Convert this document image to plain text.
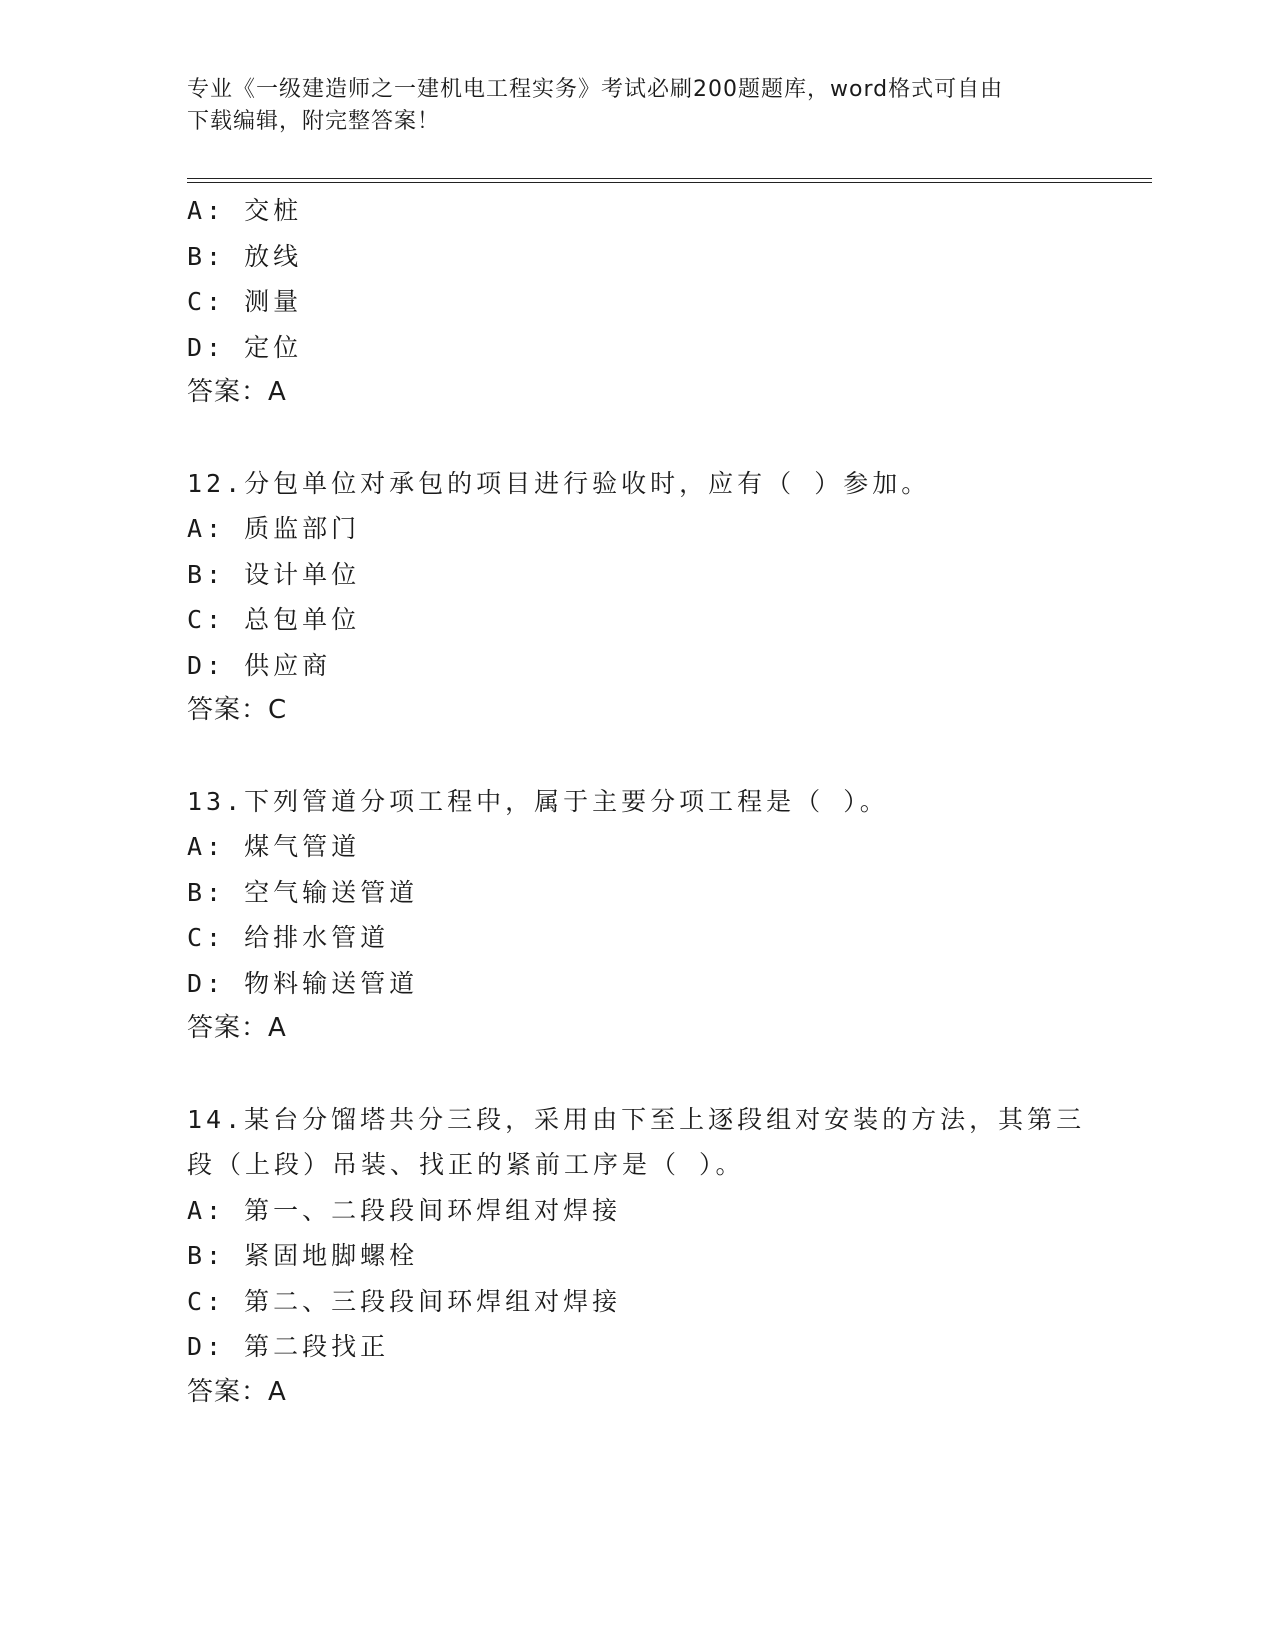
专业《一级建造师之一建机电工程实务》考试必刷200题题库，word格式可自由
下载编辑，附完整答案！
A: 交桩
B: 放线
C: 测量
D: 定位
答案：A
12.分包单位对承包的项目进行验收时，应有（ ）参加。
A: 质监部门
B: 设计单位
C: 总包单位
D: 供应商
答案：C
13.下列管道分项工程中，属于主要分项工程是（ ）。
A: 煤气管道
B: 空气输送管道
C: 给排水管道
D: 物料输送管道
答案：A
14.某台分馏塔共分三段，采用由下至上逐段组对安装的方法，其第三
段（上段）吊装、找正的紧前工序是（ ）。
A: 第一、二段段间环焊组对焊接
B: 紧固地脚螺栓
C: 第二、三段段间环焊组对焊接
D: 第二段找正
答案：A
